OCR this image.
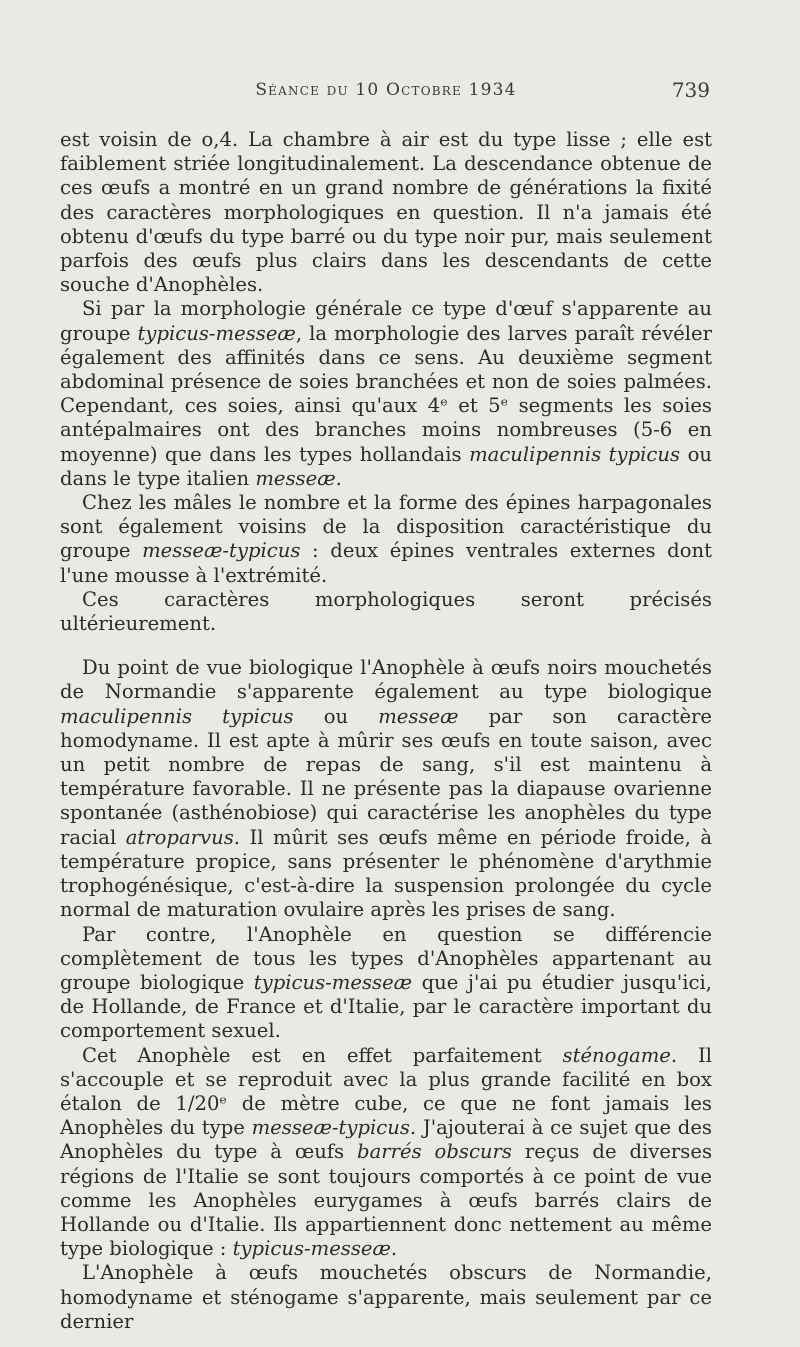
Séance du 10 Octobre 1934	739

est voisin de o,4. La chambre à air est du type lisse ; elle est faiblement striée longitudinalement. La descendance obtenue de ces œufs a montré en un grand nombre de générations la fixité des caractères morphologiques en question. Il n'a jamais été obtenu d'œufs du type barré ou du type noir pur, mais seulement parfois des œufs plus clairs dans les descendants de cette souche d'Anophèles.

Si par la morphologie générale ce type d'œuf s'apparente au groupe typicus-messeæ, la morphologie des larves paraît révéler également des affinités dans ce sens. Au deuxième segment abdominal présence de soies branchées et non de soies palmées. Cependant, ces soies, ainsi qu'aux 4ᵉ et 5ᵉ segments les soies antépalmaires ont des branches moins nombreuses (5-6 en moyenne) que dans les types hollandais maculipennis typicus ou dans le type italien messeæ.

Chez les mâles le nombre et la forme des épines harpagonales sont également voisins de la disposition caractéristique du groupe messeæ-typicus : deux épines ventrales externes dont l'une mousse à l'extrémité.

Ces caractères morphologiques seront précisés ultérieurement.

Du point de vue biologique l'Anophèle à œufs noirs mouchetés de Normandie s'apparente également au type biologique maculipennis typicus ou messeæ par son caractère homodyname. Il est apte à mûrir ses œufs en toute saison, avec un petit nombre de repas de sang, s'il est maintenu à température favorable. Il ne présente pas la diapause ovarienne spontanée (asthénobiose) qui caractérise les anophèles du type racial atroparvus. Il mûrit ses œufs même en période froide, à température propice, sans présenter le phénomène d'arythmie trophogénésique, c'est-à-dire la suspension prolongée du cycle normal de maturation ovulaire après les prises de sang.

Par contre, l'Anophèle en question se différencie complètement de tous les types d'Anophèles appartenant au groupe biologique typicus-messeæ que j'ai pu étudier jusqu'ici, de Hollande, de France et d'Italie, par le caractère important du comportement sexuel.

Cet Anophèle est en effet parfaitement sténogame. Il s'accouple et se reproduit avec la plus grande facilité en box étalon de 1/20ᵉ de mètre cube, ce que ne font jamais les Anophèles du type messeæ-typicus. J'ajouterai à ce sujet que des Anophèles du type à œufs barrés obscurs reçus de diverses régions de l'Italie se sont toujours comportés à ce point de vue comme les Anophèles eurygames à œufs barrés clairs de Hollande ou d'Italie. Ils appartiennent donc nettement au même type biologique : typicus-messeæ.

L'Anophèle à œufs mouchetés obscurs de Normandie, homodyname et sténogame s'apparente, mais seulement par ce dernier
